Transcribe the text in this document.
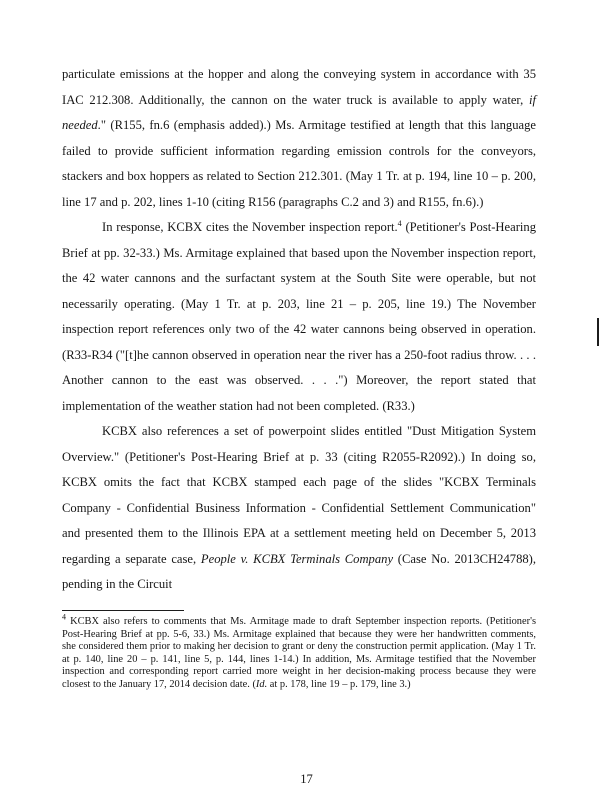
particulate emissions at the hopper and along the conveying system in accordance with 35 IAC 212.308. Additionally, the cannon on the water truck is available to apply water, if needed." (R155, fn.6 (emphasis added).) Ms. Armitage testified at length that this language failed to provide sufficient information regarding emission controls for the conveyors, stackers and box hoppers as related to Section 212.301. (May 1 Tr. at p. 194, line 10 – p. 200, line 17 and p. 202, lines 1-10 (citing R156 (paragraphs C.2 and 3) and R155, fn.6).)

In response, KCBX cites the November inspection report.$^4$ (Petitioner's Post-Hearing Brief at pp. 32-33.) Ms. Armitage explained that based upon the November inspection report, the 42 water cannons and the surfactant system at the South Site were operable, but not necessarily operating. (May 1 Tr. at p. 203, line 21 – p. 205, line 19.) The November inspection report references only two of the 42 water cannons being observed in operation. (R33-R34 ("[t]he cannon observed in operation near the river has a 250-foot radius throw. . . . Another cannon to the east was observed. . . .") Moreover, the report stated that implementation of the weather station had not been completed. (R33.)

KCBX also references a set of powerpoint slides entitled "Dust Mitigation System Overview." (Petitioner's Post-Hearing Brief at p. 33 (citing R2055-R2092).) In doing so, KCBX omits the fact that KCBX stamped each page of the slides "KCBX Terminals Company - Confidential Business Information - Confidential Settlement Communication" and presented them to the Illinois EPA at a settlement meeting held on December 5, 2013 regarding a separate case, People v. KCBX Terminals Company (Case No. 2013CH24788), pending in the Circuit

$^4$ KCBX also refers to comments that Ms. Armitage made to draft September inspection reports. (Petitioner's Post-Hearing Brief at pp. 5-6, 33.) Ms. Armitage explained that because they were her handwritten comments, she considered them prior to making her decision to grant or deny the construction permit application. (May 1 Tr. at p. 140, line 20 – p. 141, line 5, p. 144, lines 1-14.) In addition, Ms. Armitage testified that the November inspection and corresponding report carried more weight in her decision-making process because they were closest to the January 17, 2014 decision date. (Id. at p. 178, line 19 – p. 179, line 3.)

17
